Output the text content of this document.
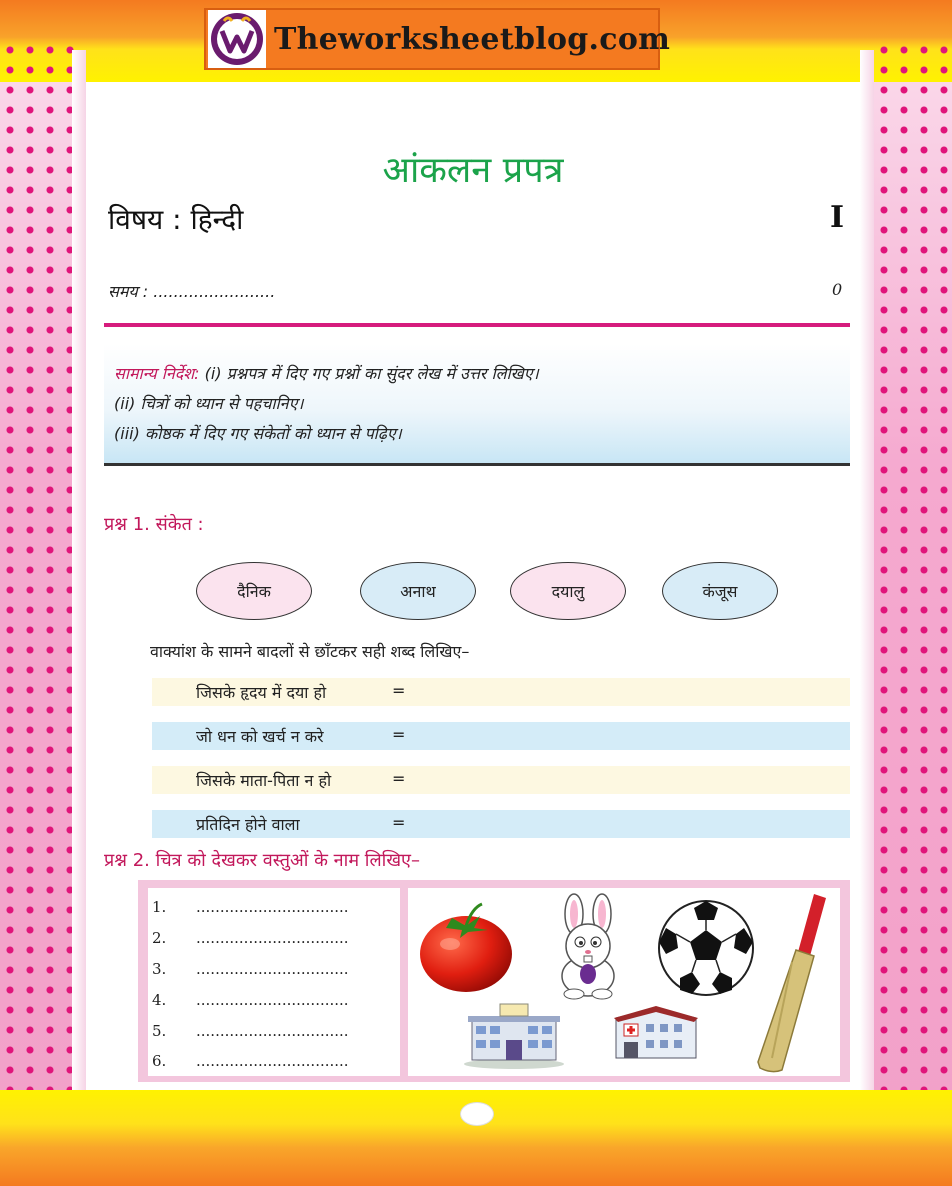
Theworksheetblog.com
आंकलन प्रपत्र
विषय : हिन्दी	I
समय : ........................	0
सामान्य निर्देश: (i) प्रश्नपत्र में दिए गए प्रश्नों का सुंदर लेख में उत्तर लिखिए।
(ii) चित्रों को ध्यान से पहचानिए।
(iii) कोष्ठक में दिए गए संकेतों को ध्यान से पढ़िए।
प्रश्न 1. संकेत :
दैनिक	अनाथ	दयालु	कंजूस
वाक्यांश के सामने बादलों से छाँटकर सही शब्द लिखिए–
जिसके हृदय में दया हो	=
जो धन को खर्च न करे	=
जिसके माता-पिता न हो	=
प्रतिदिन होने वाला	=
प्रश्न 2. चित्र को देखकर वस्तुओं के नाम लिखिए–
1. ................................
2. ................................
3. ................................
4. ................................
5. ................................
6. ................................
